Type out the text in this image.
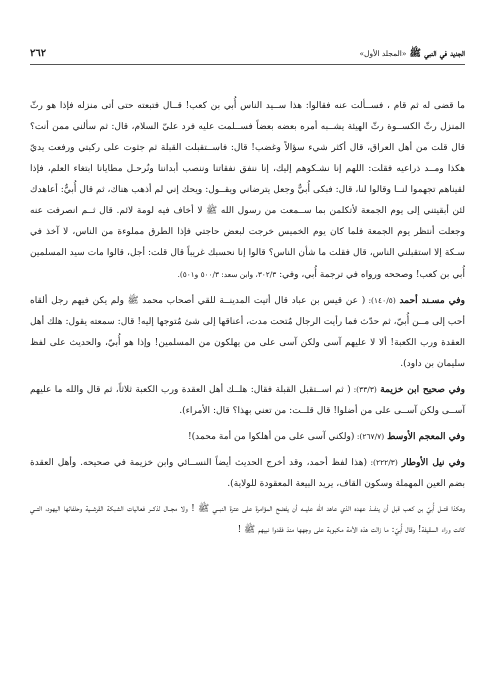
الجديد في النبي ﷺ «المجلد الأول»
٢٦٢

ما قضى له ثم قام ، فســألت عنه فقالوا: هذا ســيد الناس أُبي بن كعب! قــال فتبعته حتى أتى منزله فإذا هو رثّ المنزل رثّ الكســوة رثّ الهيئة يشــبه أمره بعضه بعضاً فســلمت عليه فرد عليّ السلام، قال: ثم سألني ممن أنت؟ قال قلت من أهل العراق، قال أكثر شيء سؤالاً وغضب! قال: فاســتقبلت القبلة ثم جثوت على ركبتي ورفعت يديّ هكذا ومــد ذراعيه فقلت: اللهم إنا نشـكوهم إليك، إنا ننفق نفقاتنا وننصب أبداننا ونُرحـل مطايانا ابتغاء العلم، فإذا لقيناهم تجهموا لنــا وقالوا لنا، قال: فبكى أُبيٌّ وجعل يترضاني ويقــول: ويحك إني لم أذهب هناك، ثم قال أُبيٌّ: أعاهدك لئن أبقيتني إلى يوم الجمعة لأتكلمن بما ســمعت من رسول الله ﷺ لا أخاف فيه لومة لائم. قال ثــم انصرفت عنه وجعلت أنتظر يوم الجمعة فلما كان يوم الخميس خرجت لبعض حاجتي فإذا الطرق مملوءة من الناس، لا آخذ في سـكة إلا استقبلني الناس، قال فقلت ما شأن الناس؟ قالوا إنا نحسبك غريباً قال قلت: أجل، قالوا مات سيد المسلمين أُبي بن كعب! وصححه ورواه في ترجمة أُبي، وفي: ٣٠٢/٣، وابن سعد: ٥٠٠/٣ و٥٠١).

وفي مسـند أحمد (١٤٠/٥): ( عن قيس بن عباد قال أتيت المدينــة للقي أصحاب محمد ﷺ ولم يكن فيهم رجل ألقاه أحب إلى مــن أُبيّ، ثم حدّث فما رأيت الرجال مُتحت مدت، أعناقها إلى شئ مُتوجها إليه! قال: سمعته يقول: هلك أهل العقدة ورب الكعبة! ألا لا عليهم آسى ولكن آسى على من يهلكون من المسلمين! وإذا هو أُبيّ، والحديث على لفظ سليمان بن داود).

وفي صحيح ابن خزيمة (٣٣/٣): ( ثم اســتقبل القبلة فقال: هلــك أهل العقدة ورب الكعبة ثلاثاً، ثم قال والله ما عليهم آســى ولكن آســى على من أضلوا! قال قلــت: من تعني بهذا؟ قال: الأمراء).

وفي المعجم الأوسط (٢٦٧/٧): (ولكني آسى على من أهلكوا من أمة محمد)!

وفي نيل الأوطار (٢٢٢/٣): (هذا لفظ أحمد، وقد أخرج الحديث أيضاً النســائي وابن خزيمة في صحيحه. وأهل العقدة بضم العين المهملة وسكون القاف، يريد البيعة المعقودة للولاية).

وهكذا قتــل أُبيّ بن كعب قبل أن ينفــذ عهده الذي عاهد الله عليــه أن يفضح المؤامرة على عترة النبــي ﷺ ! ولا مجــال لذكــر فعاليات الشبكة القرشــية وحلفائها اليهود، التــي كانت وراء السقيفة! وقال أُبيّ: ما زالت هذه الأمة مكبوبة على وجهها منذ فقدوا نبيهم ﷺ !
